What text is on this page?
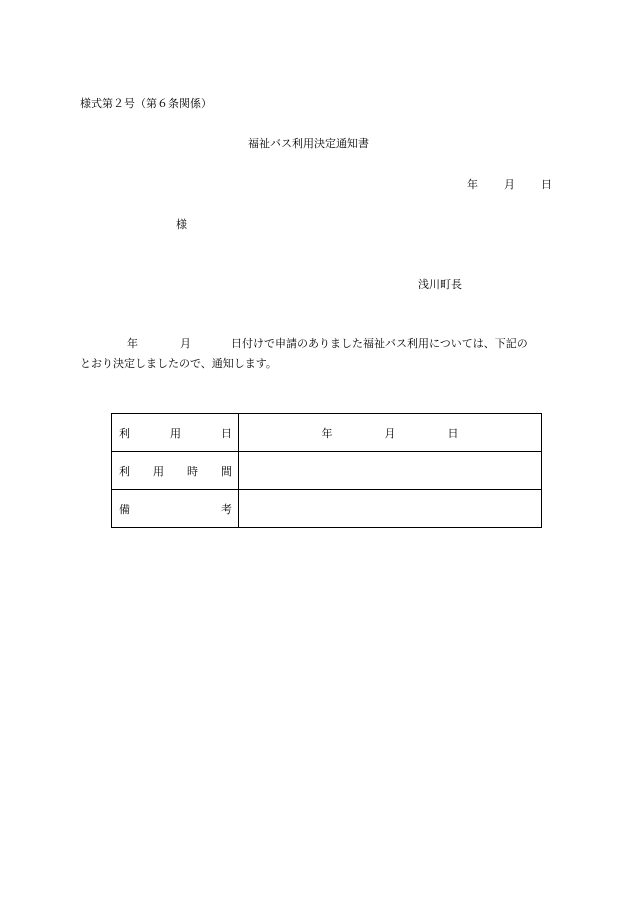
様式第２号（第６条関係）
福祉バス利用決定通知書
年 月 日
様
浅川町長
年	月	日付けで申請のありました福祉バス利用については、下記の
とおり決定しましたので、通知します。
利 用 日	年 月 日

利 用 時 間	

備 考	
